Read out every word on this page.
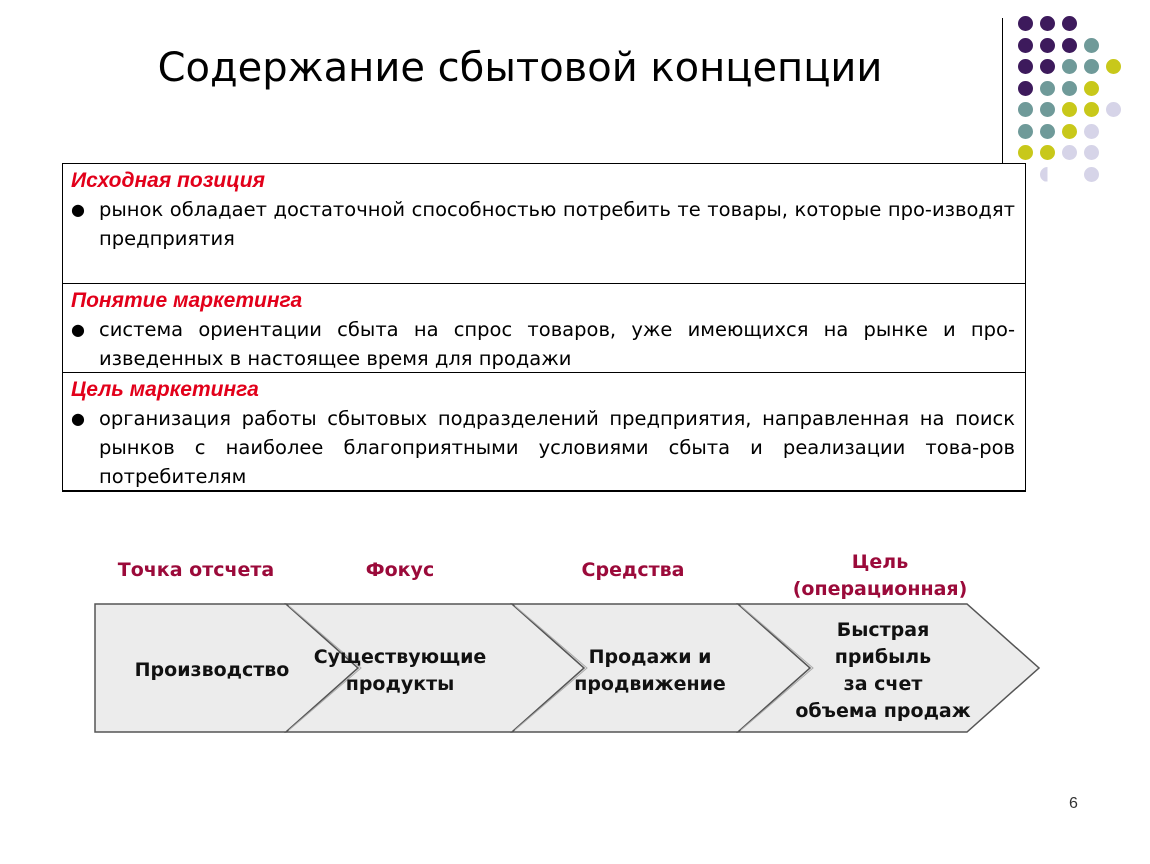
Содержание сбытовой концепции
Исходная позиция
● рынок обладает достаточной способностью потребить те товары, которые про-изводят предприятия
Понятие маркетинга
● система ориентации сбыта на спрос товаров, уже имеющихся на рынке и про-изведенных в настоящее время для продажи
Цель маркетинга
● организация работы сбытовых подразделений предприятия, направленная на поиск рынков с наиболее благоприятными условиями сбыта и реализации това-ров потребителям
Точка отсчета	Фокус	Средства	Цель
(операционная)
Производство
Существующие
продукты
Продажи и
продвижение
Быстрая
прибыль
за счет
объема продаж
6
